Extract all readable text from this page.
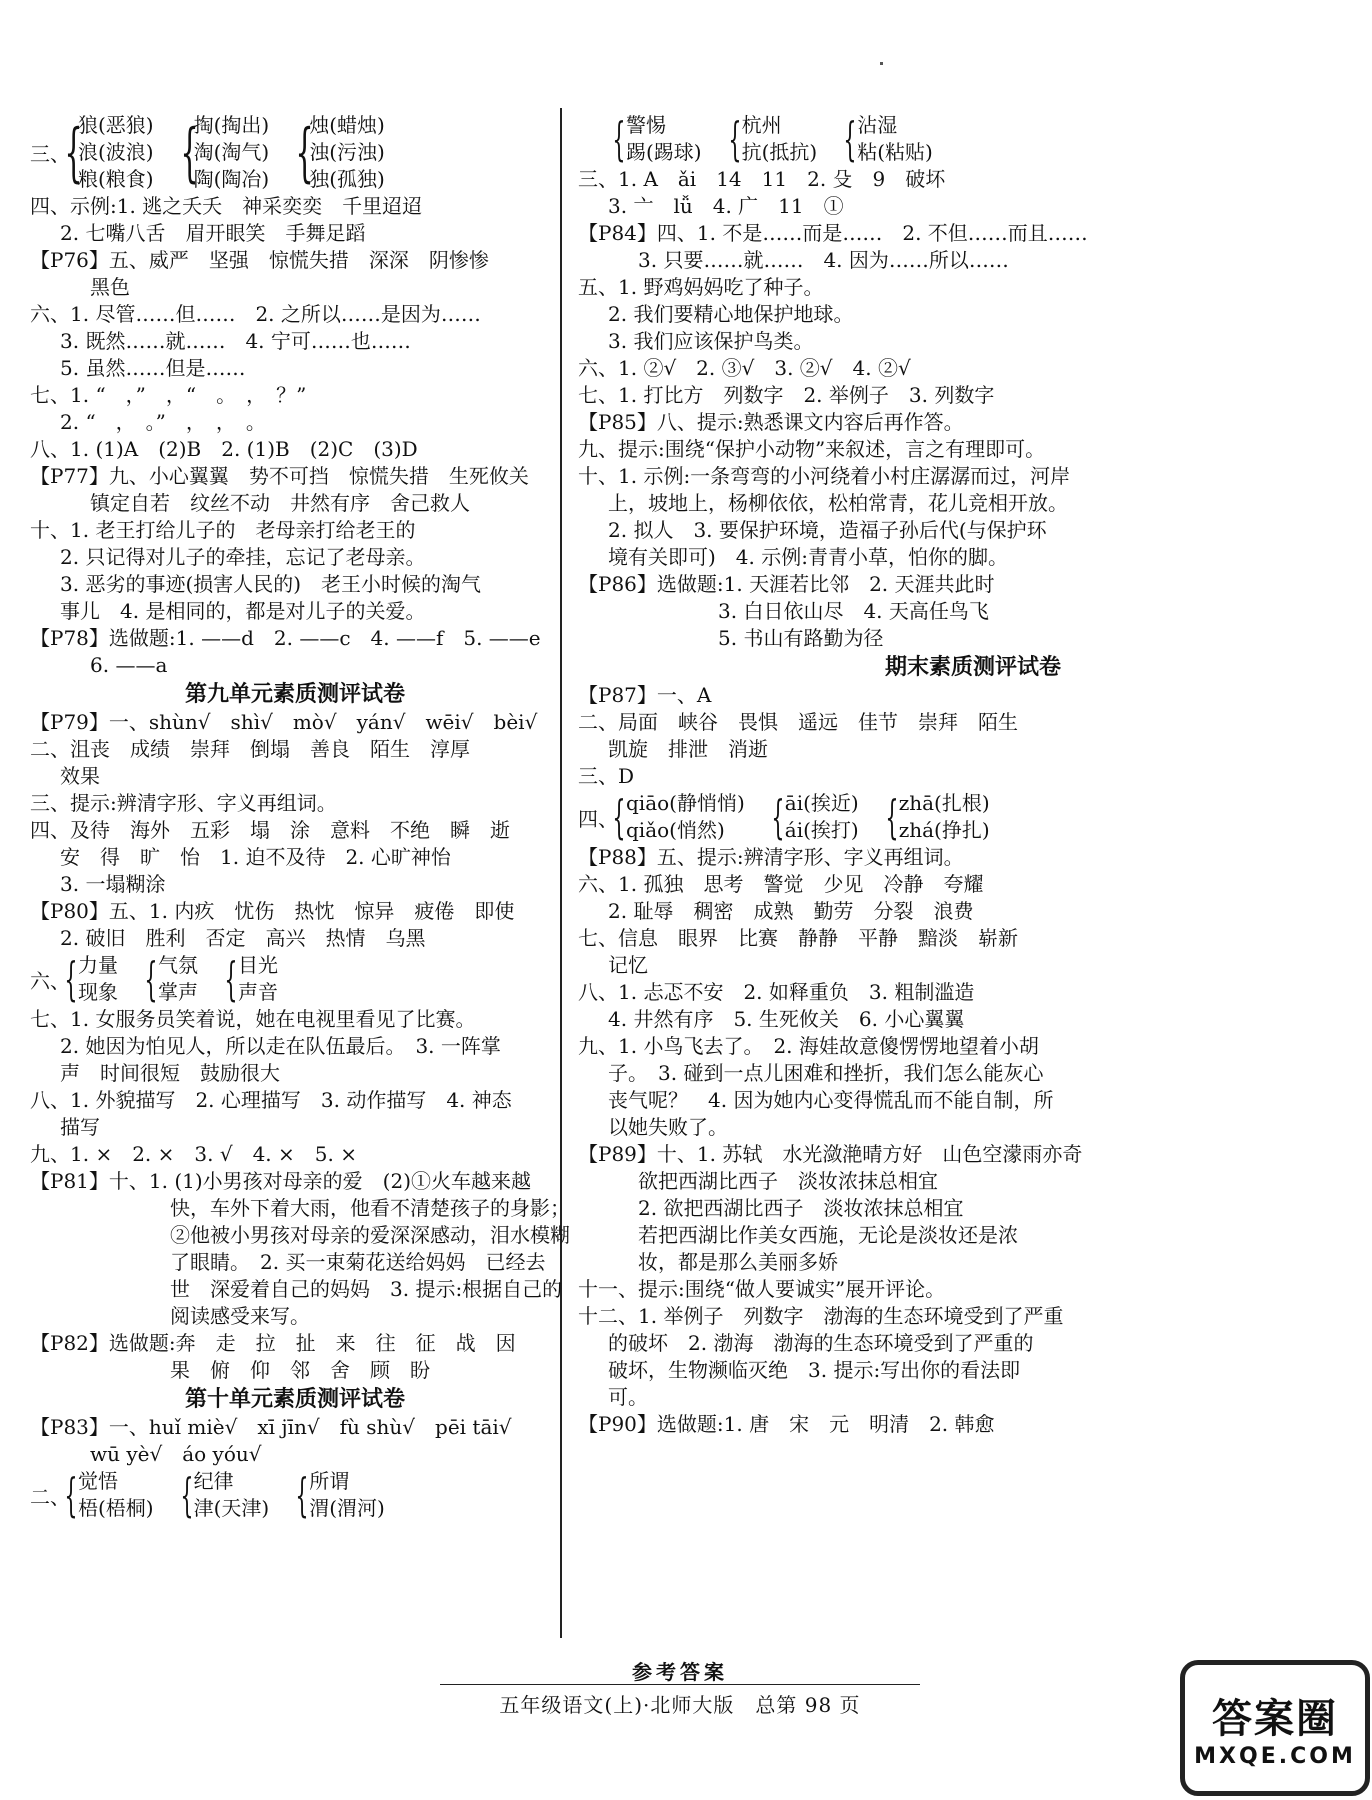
三、
{
狼(恶狼)
浪(波浪)
粮(粮食) {
掏(掏出)
淘(淘气)
陶(陶冶) {
烛(蜡烛)
浊(污浊)
独(孤独)
四、示例:1. 逃之夭夭　神采奕奕　千里迢迢
2. 七嘴八舌　眉开眼笑　手舞足蹈
【P76】五、威严　坚强　惊慌失措　深深　阴惨惨
黑色
六、1. 尽管……但……　2. 之所以……是因为……
3. 既然……就……　4. 宁可……也……
5. 虽然……但是……
七、1. “　，”　，“　。　，　？”
2. “　，　。”　，　，　。
八、1. (1)A　(2)B　2. (1)B　(2)C　(3)D
【P77】九、小心翼翼　势不可挡　惊慌失措　生死攸关
镇定自若　纹丝不动　井然有序　舍己救人
十、1. 老王打给儿子的　老母亲打给老王的
2. 只记得对儿子的牵挂，忘记了老母亲。
3. 恶劣的事迹(损害人民的)　老王小时候的淘气
事儿　4. 是相同的，都是对儿子的关爱。
【P78】选做题:1. ——d　2. ——c　4. ——f　5. ——e
6. ——a
第九单元素质测评试卷
【P79】一、shùn√　shì√　mò√　yán√　wēi√　bèi√
二、沮丧　成绩　崇拜　倒塌　善良　陌生　淳厚
效果
三、提示:辨清字形、字义再组词。
四、及待　海外　五彩　塌　涂　意料　不绝　瞬　逝
安　得　旷　怡　1. 迫不及待　2. 心旷神怡
3. 一塌糊涂
【P80】五、1. 内疚　忧伤　热忱　惊异　疲倦　即使
2. 破旧　胜利　否定　高兴　热情　乌黑
六、
{ 力量
现象 { 气氛
掌声 { 目光
声音
七、1. 女服务员笑着说，她在电视里看见了比赛。
2. 她因为怕见人，所以走在队伍最后。　3. 一阵掌
声　时间很短　鼓励很大
八、1. 外貌描写　2. 心理描写　3. 动作描写　4. 神态
描写
九、1. ×　2. ×　3. √　4. ×　5. ×
【P81】十、1. (1)小男孩对母亲的爱　(2)①火车越来越
快，车外下着大雨，他看不清楚孩子的身影；
②他被小男孩对母亲的爱深深感动，泪水模糊
了眼睛。　2. 买一束菊花送给妈妈　已经去
世　深爱着自己的妈妈　3. 提示:根据自己的
阅读感受来写。
【P82】选做题:奔　走　拉　扯　来　往　征　战　因
果　俯　仰　邻　舍　顾　盼
第十单元素质测评试卷
【P83】一、huǐ miè√　xī jīn√　fù shù√　pēi tāi√
wū yè√　áo yóu√
二、
{ 觉悟
梧(梧桐) { 纪律
津(天津) { 所谓
渭(渭河)
{ 警惕
踢(踢球) { 杭州
抗(抵抗) { 沾湿
粘(粘贴)
三、1. A　ǎi　14　11　2. 殳　9　破坏
3. 亠　lǚ　4. 广　11　①
【P84】四、1. 不是……而是……　2. 不但……而且……
3. 只要……就……　4. 因为……所以……
五、1. 野鸡妈妈吃了种子。
2. 我们要精心地保护地球。
3. 我们应该保护鸟类。
六、1. ②√　2. ③√　3. ②√　4. ②√
七、1. 打比方　列数字　2. 举例子　3. 列数字
【P85】八、提示:熟悉课文内容后再作答。
九、提示:围绕“保护小动物”来叙述，言之有理即可。
十、1. 示例:一条弯弯的小河绕着小村庄潺潺而过，河岸
上，坡地上，杨柳依依，松柏常青，花儿竞相开放。
2. 拟人　3. 要保护环境，造福子孙后代(与保护环
境有关即可)　4. 示例:青青小草，怕你的脚。
【P86】选做题:1. 天涯若比邻　2. 天涯共此时
3. 白日依山尽　4. 天高任鸟飞
5. 书山有路勤为径
期末素质测评试卷
【P87】一、A
二、局面　峡谷　畏惧　遥远　佳节　崇拜　陌生
凯旋　排泄　消逝
三、D
四、
{ qiāo(静悄悄)
qiǎo(悄然)	{ āi(挨近)
ái(挨打) { zhā(扎根)
zhá(挣扎)
【P88】五、提示:辨清字形、字义再组词。
六、1. 孤独　思考　警觉　少见　冷静　夸耀
2. 耻辱　稠密　成熟　勤劳　分裂　浪费
七、信息　眼界　比赛　静静　平静　黯淡　崭新
记忆
八、1. 忐忑不安　2. 如释重负　3. 粗制滥造
4. 井然有序　5. 生死攸关　6. 小心翼翼
九、1. 小鸟飞去了。　2. 海娃故意傻愣愣地望着小胡
子。　3. 碰到一点儿困难和挫折，我们怎么能灰心
丧气呢？　4. 因为她内心变得慌乱而不能自制，所
以她失败了。
【P89】十、1. 苏轼　水光潋滟晴方好　山色空濛雨亦奇
欲把西湖比西子　淡妆浓抹总相宜
2. 欲把西湖比西子　淡妆浓抹总相宜
若把西湖比作美女西施，无论是淡妆还是浓
妆，都是那么美丽多娇
十一、提示:围绕“做人要诚实”展开评论。
十二、1. 举例子　列数字　渤海的生态环境受到了严重
的破坏　2. 渤海　渤海的生态环境受到了严重的
破坏，生物濒临灭绝　3. 提示:写出你的看法即
可。
【P90】选做题:1. 唐　宋　元　明清　2. 韩愈
参考答案
五年级语文(上)·北师大版　总第 98 页	答案圈
MXQE.COM
